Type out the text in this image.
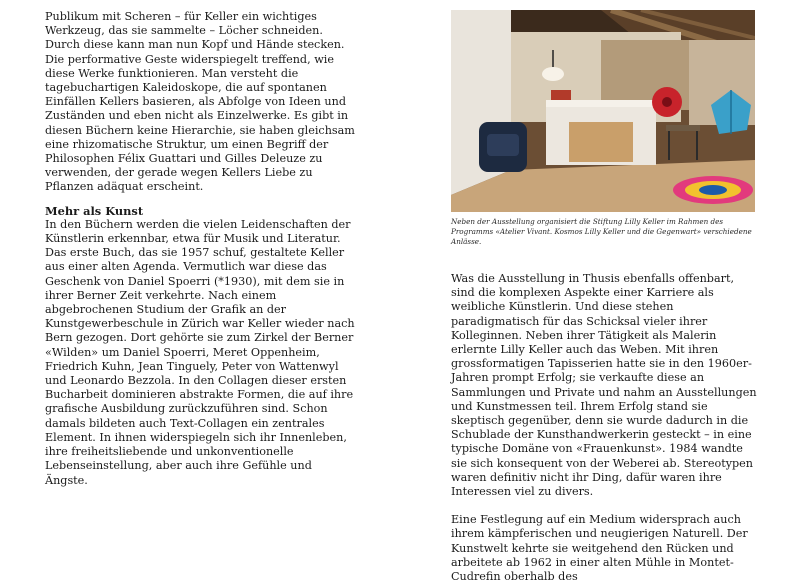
Publikum mit Scheren – für Keller ein wichtiges Werkzeug, das sie sammelte – Löcher schneiden. Durch diese kann man nun Kopf und Hände stecken. Die performative Geste widerspiegelt treffend, wie diese Werke funktionieren. Man versteht die tagebuchartigen Kaleidoskope, die auf spontanen Einfällen Kellers basieren, als Abfolge von Ideen und Zuständen und eben nicht als Einzelwerke. Es gibt in diesen Büchern keine Hierarchie, sie haben gleichsam eine rhizomatische Struktur, um einen Begriff der Philosophen Félix Guattari und Gilles Deleuze zu verwenden, der gerade wegen Kellers Liebe zu Pflanzen adäquat erscheint.

Mehr als Kunst

In den Büchern werden die vielen Leidenschaften der Künstlerin erkennbar, etwa für Musik und Literatur. Das erste Buch, das sie 1957 schuf, gestaltete Keller aus einer alten Agenda. Vermutlich war diese das Geschenk von Daniel Spoerri (*1930), mit dem sie in ihrer Berner Zeit verkehrte. Nach einem abgebrochenen Studium der Grafik an der Kunstgewerbeschule in Zürich war Keller wieder nach Bern gezogen. Dort gehörte sie zum Zirkel der Berner «Wilden» um Daniel Spoerri, Meret Oppenheim, Friedrich Kuhn, Jean Tinguely, Peter von Wattenwyl und Leonardo Bezzola. In den Collagen dieser ersten Bucharbeit dominieren abstrakte Formen, die auf ihre grafische Ausbildung zurückzuführen sind. Schon damals bildeten auch Text-Collagen ein zentrales Element. In ihnen widerspiegeln sich ihr Innenleben, ihre freiheitsliebende und unkonventionelle Lebenseinstellung, aber auch ihre Gefühle und Ängste.

Neben der Ausstellung organisiert die Stiftung Lilly Keller im Rahmen des Programms «Atelier Vivant. Kosmos Lilly Keller und die Gegenwart» verschiedene Anlässe.

Was die Ausstellung in Thusis ebenfalls offenbart, sind die komplexen Aspekte einer Karriere als weibliche Künstlerin. Und diese stehen paradigmatisch für das Schicksal vieler ihrer Kolleginnen. Neben ihrer Tätigkeit als Malerin erlernte Lilly Keller auch das Weben. Mit ihren grossformatigen Tapisserien hatte sie in den 1960er-Jahren prompt Erfolg; sie verkaufte diese an Sammlungen und Private und nahm an Ausstellungen und Kunstmessen teil. Ihrem Erfolg stand sie skeptisch gegenüber, denn sie wurde dadurch in die Schublade der Kunsthandwerkerin gesteckt – in eine typische Domäne von «Frauenkunst». 1984 wandte sie sich konsequent von der Weberei ab. Stereotypen waren definitiv nicht ihr Ding, dafür waren ihre Interessen viel zu divers.

Eine Festlegung auf ein Medium widersprach auch ihrem kämpferischen und neugierigen Naturell. Der Kunstwelt kehrte sie weitgehend den Rücken und arbeitete ab 1962 in einer alten Mühle in Montet-Cudrefin oberhalb des
